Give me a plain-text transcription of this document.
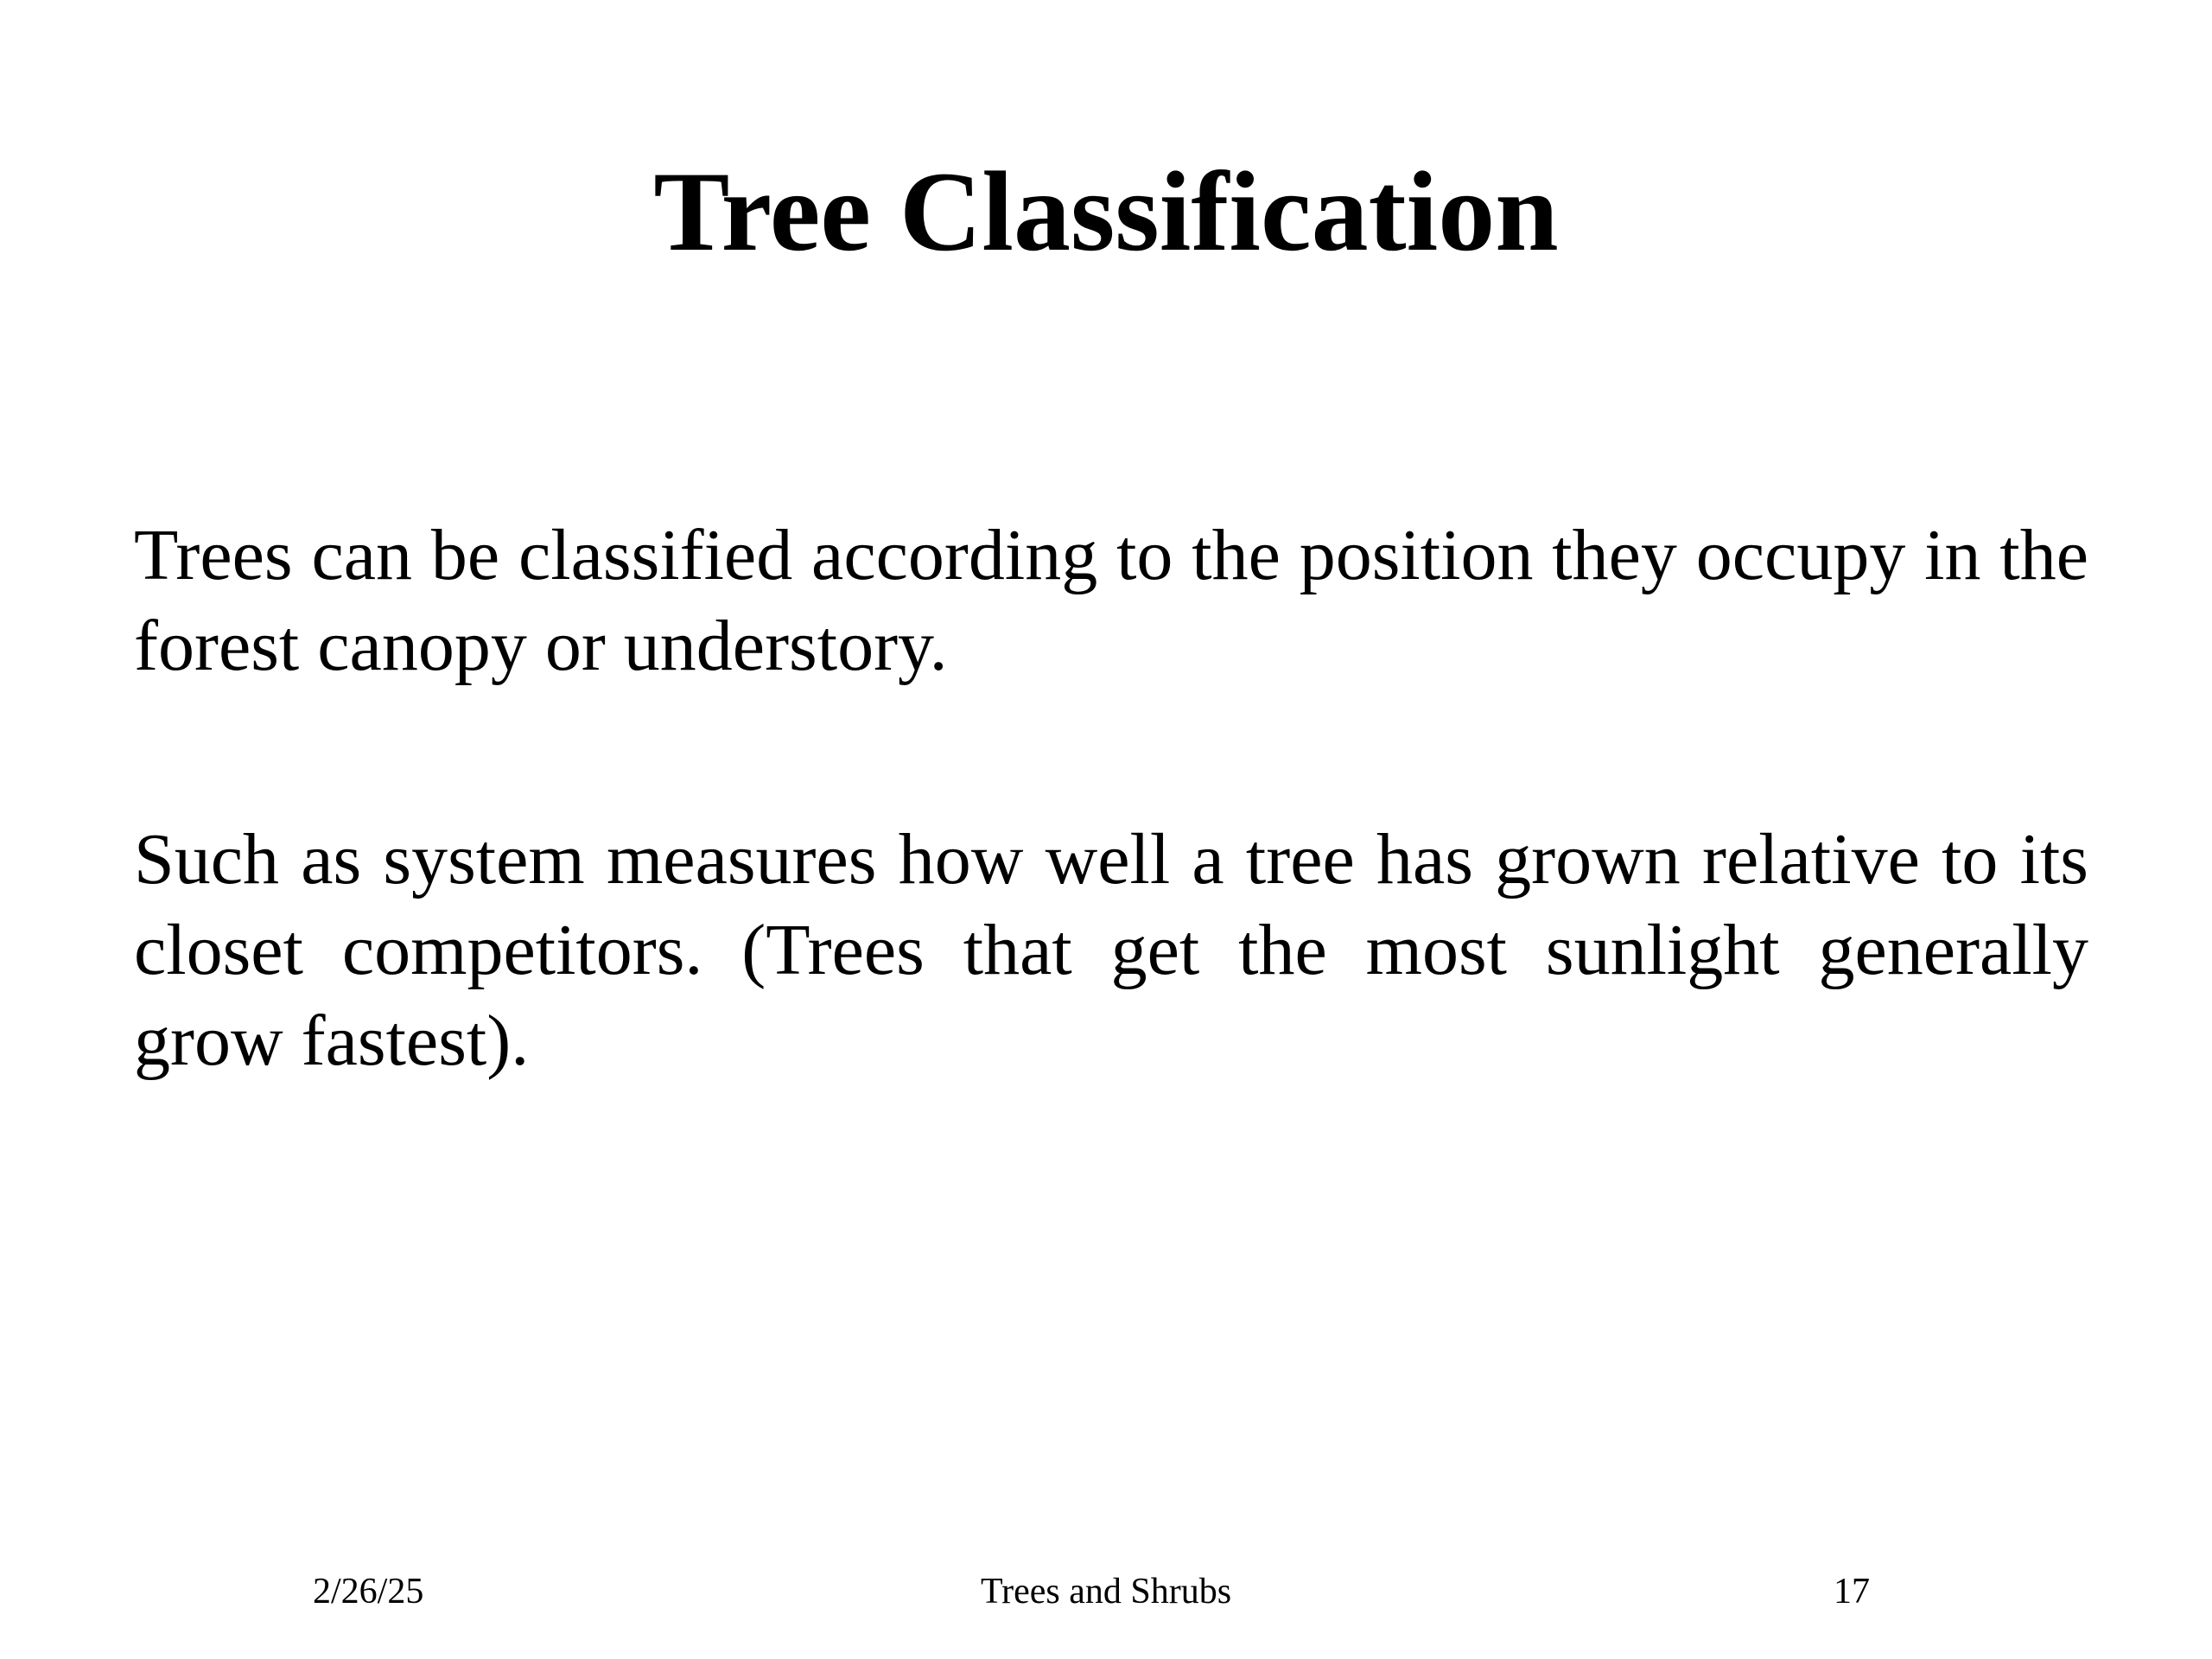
Tree Classification

Trees can be classified according to the position they occupy in the forest canopy or understory.

Such as system measures how well a tree has grown relative to its closet competitors. (Trees that get the most sunlight generally grow fastest).

Trees and Shrubs
2/26/25	17
